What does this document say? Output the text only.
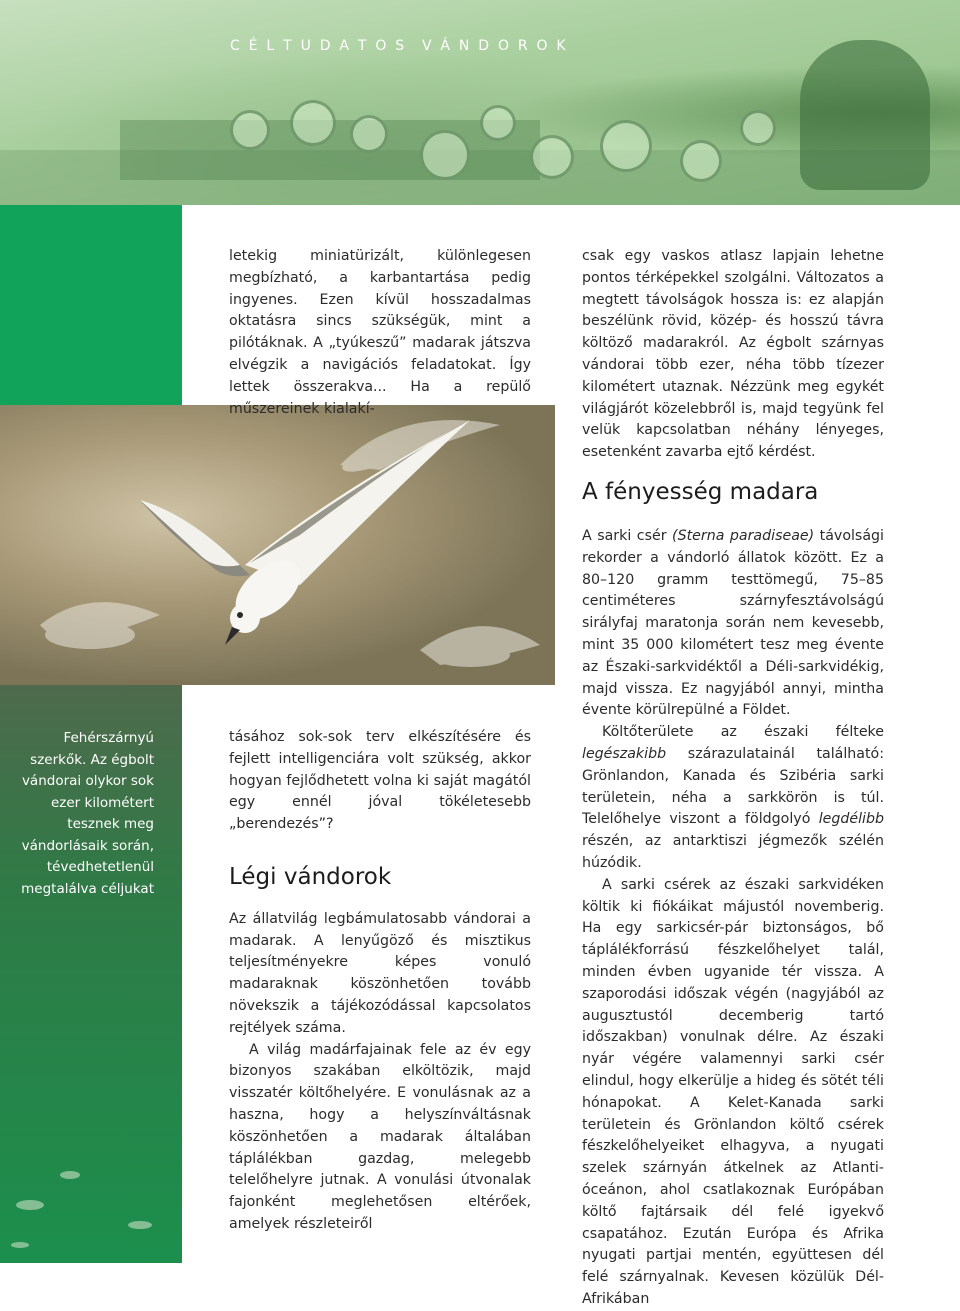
C  É  L  T  U  D  A  T  O  S    V  Á  N  D  O  R  O  K
Fehérszárnyú szerkők. Az égbolt vándorai olykor sok ezer kilométert tesznek meg vándorlásaik során, tévedhetetlenül megtalálva céljukat

letekig miniatürizált, különlegesen megbízható, a karbantartása pedig ingyenes. Ezen kívül hosszadalmas oktatásra sincs szükségük, mint a pilótáknak. A „tyúkeszű” madarak játszva elvégzik a navigációs feladatokat. Így lettek összerakva... Ha a repülő műszereinek kialakí-

csak egy vaskos atlasz lapjain lehetne pontos térképekkel szolgálni. Változatos a megtett távolságok hossza is: ez alapján beszélünk rövid, közép- és hosszú távra költöző madarakról. Az égbolt szárnyas vándorai több ezer, néha több tízezer kilométert utaznak. Nézzünk meg egykét világjárót közelebbről is, majd tegyünk fel velük kapcsolatban néhány lényeges, esetenként zavarba ejtő kérdést.

tásához sok-sok terv elkészítésére és fejlett intelligenciára volt szükség, akkor hogyan fejlődhetett volna ki saját magától egy ennél jóval tökéletesebb „berendezés”?

Légi vándorok

Az állatvilág legbámulatosabb vándorai a madarak. A lenyűgöző és misztikus teljesítményekre képes vonuló madaraknak köszönhetően tovább növekszik a tájékozódással kapcsolatos rejtélyek száma.

A világ madárfajainak fele az év egy bizonyos szakában elköltözik, majd visszatér költőhelyére. E vonulásnak az a haszna, hogy a helyszínváltásnak köszönhetően a madarak általában táplálékban gazdag, melegebb telelőhelyre jutnak. A vonulási útvonalak fajonként meglehetősen eltérőek, amelyek részleteiről

A fényesség madara

A sarki csér (Sterna paradiseae) távolsági rekorder a vándorló állatok között. Ez a 80–120 gramm testtömegű, 75–85 centiméteres szárnyfesztávolságú sirályfaj maratonja során nem kevesebb, mint 35 000 kilométert tesz meg évente az Északi-sarkvidéktől a Déli-sarkvidékig, majd vissza. Ez nagyjából annyi, mintha évente körülrepülné a Földet.

Költőterülete az északi félteke legészakibb szárazulatainál található: Grönlandon, Kanada és Szibéria sarki területein, néha a sarkkörön is túl. Telelőhelye viszont a földgolyó legdélibb részén, az antarktiszi jégmezők szélén húzódik.

A sarki csérek az északi sarkvidéken költik ki fiókáikat májustól novemberig. Ha egy sarkicsér-pár biztonságos, bő táplálékforrású fészkelőhelyet talál, minden évben ugyanide tér vissza. A szaporodási időszak végén (nagyjából az augusztustól decemberig tartó időszakban) vonulnak délre. Az északi nyár végére valamennyi sarki csér elindul, hogy elkerülje a hideg és sötét téli hónapokat. A Kelet-Kanada sarki területein és Grönlandon költő csérek fészkelőhelyeiket elhagyva, a nyugati szelek szárnyán átkelnek az Atlanti-óceánon, ahol csatlakoznak Európában költő fajtársaik dél felé igyekvő csapatához. Ezután Európa és Afrika nyugati partjai mentén, együttesen dél felé szárnyalnak. Kevesen közülük Dél-Afrikában
